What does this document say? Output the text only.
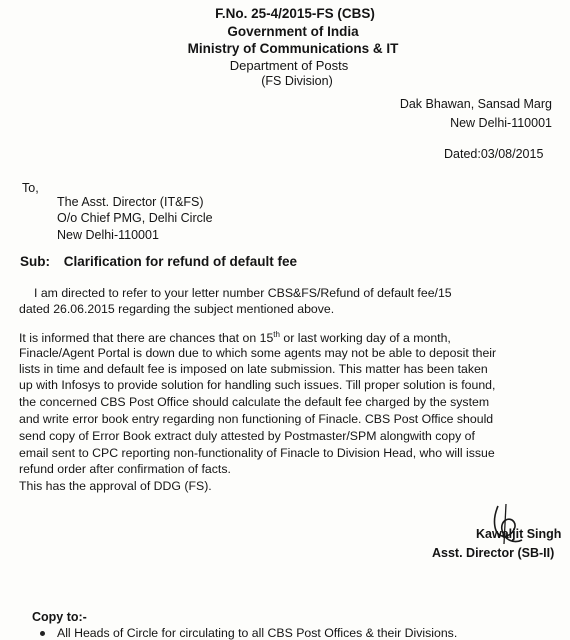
F.No. 25-4/2015-FS (CBS)
Government of India
Ministry of Communications & IT
Department of Posts
(FS Division)
Dak Bhawan, Sansad Marg
New Delhi-110001
Dated:03/08/2015
To,
The Asst. Director (IT&FS)
O/o Chief PMG, Delhi Circle
New Delhi-110001
Sub: Clarification for refund of default fee
I am directed to refer to your letter number CBS&FS/Refund of default fee/15
dated 26.06.2015 regarding the subject mentioned above.
It is informed that there are chances that on 15th or last working day of a month,
Finacle/Agent Portal is down due to which some agents may not be able to deposit their
lists in time and default fee is imposed on late submission. This matter has been taken
up with Infosys to provide solution for handling such issues. Till proper solution is found,
the concerned CBS Post Office should calculate the default fee charged by the system
and write error book entry regarding non functioning of Finacle. CBS Post Office should
send copy of Error Book extract duly attested by Postmaster/SPM alongwith copy of
email sent to CPC reporting non-functionality of Finacle to Division Head, who will issue
refund order after confirmation of facts.
This has the approval of DDG (FS).
Kawaljit Singh
Asst. Director (SB-II)
Copy to:-
All Heads of Circle for circulating to all CBS Post Offices & their Divisions.
